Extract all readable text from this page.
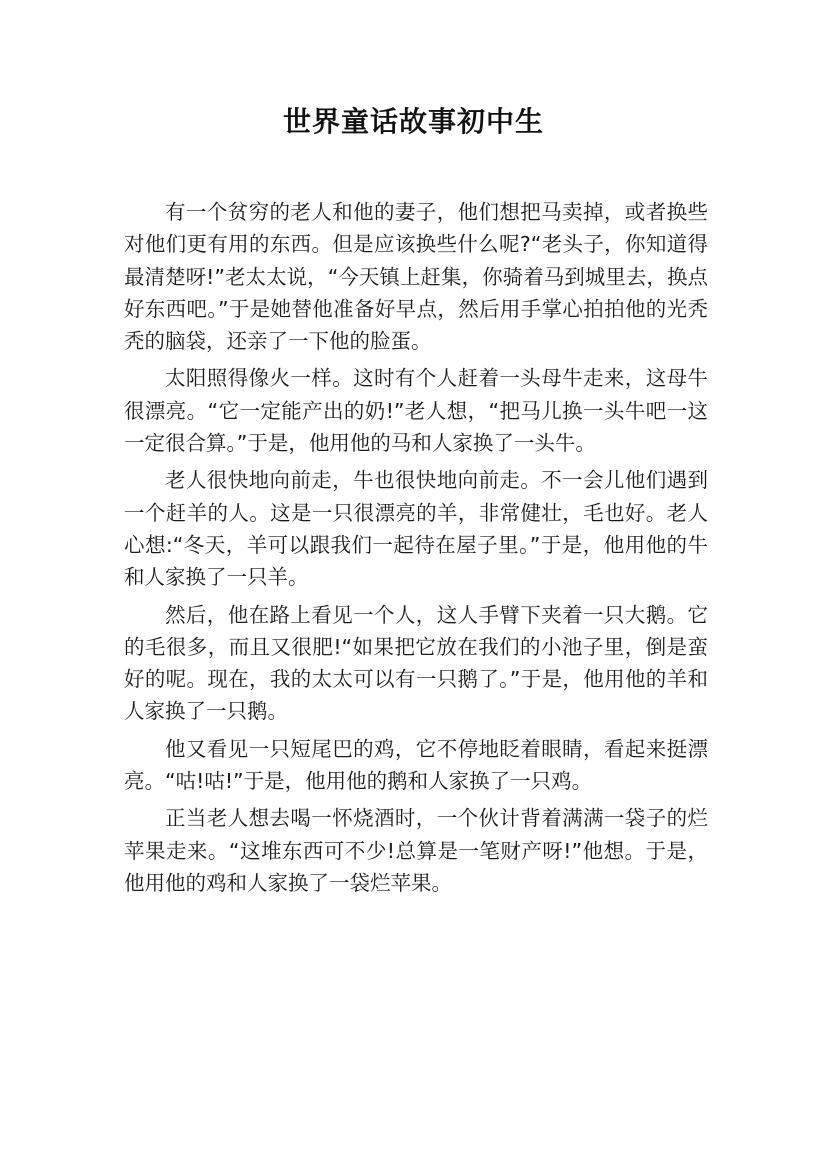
世界童话故事初中生

有一个贫穷的老人和他的妻子，他们想把马卖掉，或者换些对他们更有用的东西。但是应该换些什么呢?“老头子，你知道得最清楚呀!”老太太说，“今天镇上赶集，你骑着马到城里去，换点好东西吧。”于是她替他准备好早点，然后用手掌心拍拍他的光秃秃的脑袋，还亲了一下他的脸蛋。

太阳照得像火一样。这时有个人赶着一头母牛走来，这母牛很漂亮。“它一定能产出的奶!”老人想，“把马儿换一头牛吧一这一定很合算。”于是，他用他的马和人家换了一头牛。

老人很快地向前走，牛也很快地向前走。不一会儿他们遇到一个赶羊的人。这是一只很漂亮的羊，非常健壮，毛也好。老人心想:“冬天，羊可以跟我们一起待在屋子里。”于是，他用他的牛和人家换了一只羊。

然后，他在路上看见一个人，这人手臂下夹着一只大鹅。它的毛很多，而且又很肥!“如果把它放在我们的小池子里，倒是蛮好的呢。现在，我的太太可以有一只鹅了。”于是，他用他的羊和人家换了一只鹅。

他又看见一只短尾巴的鸡，它不停地眨着眼睛，看起来挺漂亮。“咕!咕!”于是，他用他的鹅和人家换了一只鸡。

正当老人想去喝一怀烧酒时，一个伙计背着满满一袋子的烂苹果走来。“这堆东西可不少!总算是一笔财产呀!”他想。于是，他用他的鸡和人家换了一袋烂苹果。
